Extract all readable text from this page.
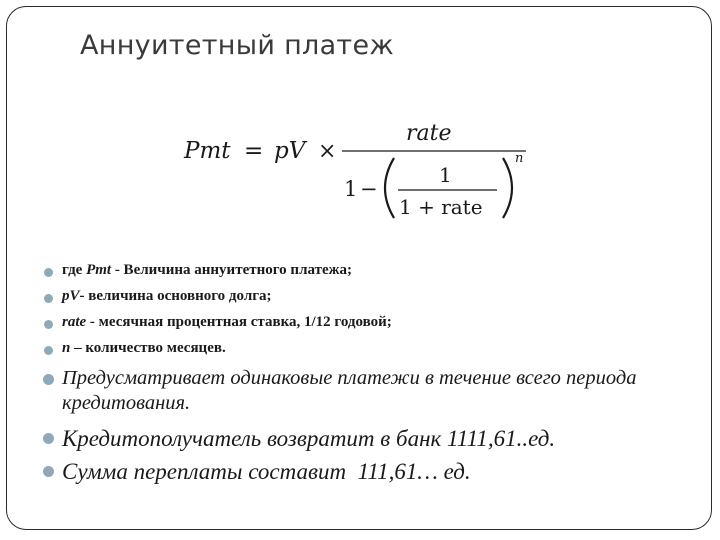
Аннуитетный платеж
Pmt = pV ×
rate
1 −
1
1 + rate
n
где Pmt - Величина аннуитетного платежа;
pV- величина основного долга;
rate - месячная процентная ставка, 1/12 годовой;
n – количество месяцев.
Предусматривает одинаковые платежи в течение всего периода кредитования.
Кредитополучатель возвратит в банк 1111,61..ед.
Сумма переплаты составит  111,61… ед.
